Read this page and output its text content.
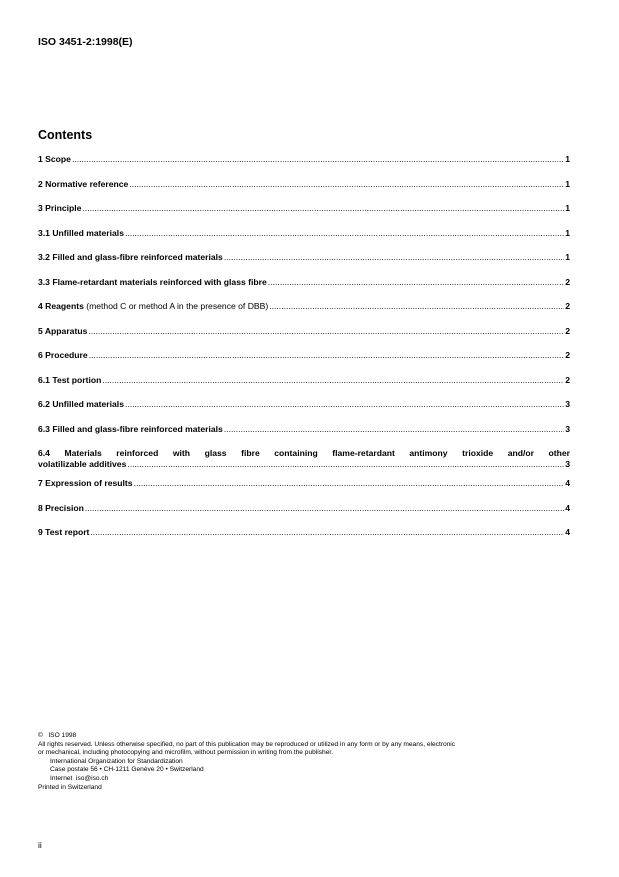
ISO 3451-2:1998(E)
Contents
1 Scope .....	1
2 Normative reference .....	1
3 Principle .....	1
3.1 Unfilled materials .....	1
3.2 Filled and glass-fibre reinforced materials .....	1
3.3 Flame-retardant materials reinforced with glass fibre .....	2
4 Reagents (method C or method A in the presence of DBB) .....	2
5 Apparatus .....	2
6 Procedure .....	2
6.1 Test portion .....	2
6.2 Unfilled materials .....	3
6.3 Filled and glass-fibre reinforced materials .....	3
6.4 Materials reinforced with glass fibre containing flame-retardant antimony trioxide and/or other
volatilizable additives .....	3
7 Expression of results .....	4
8 Precision .....	4
9 Test report .....	4
©   ISO 1998
All rights reserved. Unless otherwise specified, no part of this publication may be reproduced or utilized in any form or by any means, electronic
or mechanical, including photocopying and microfilm, without permission in writing from the publisher.
International Organization for Standardization
Case postale 56 • CH-1211 Genève 20 • Switzerland
Internet iso@iso.ch
Printed in Switzerland
ii
